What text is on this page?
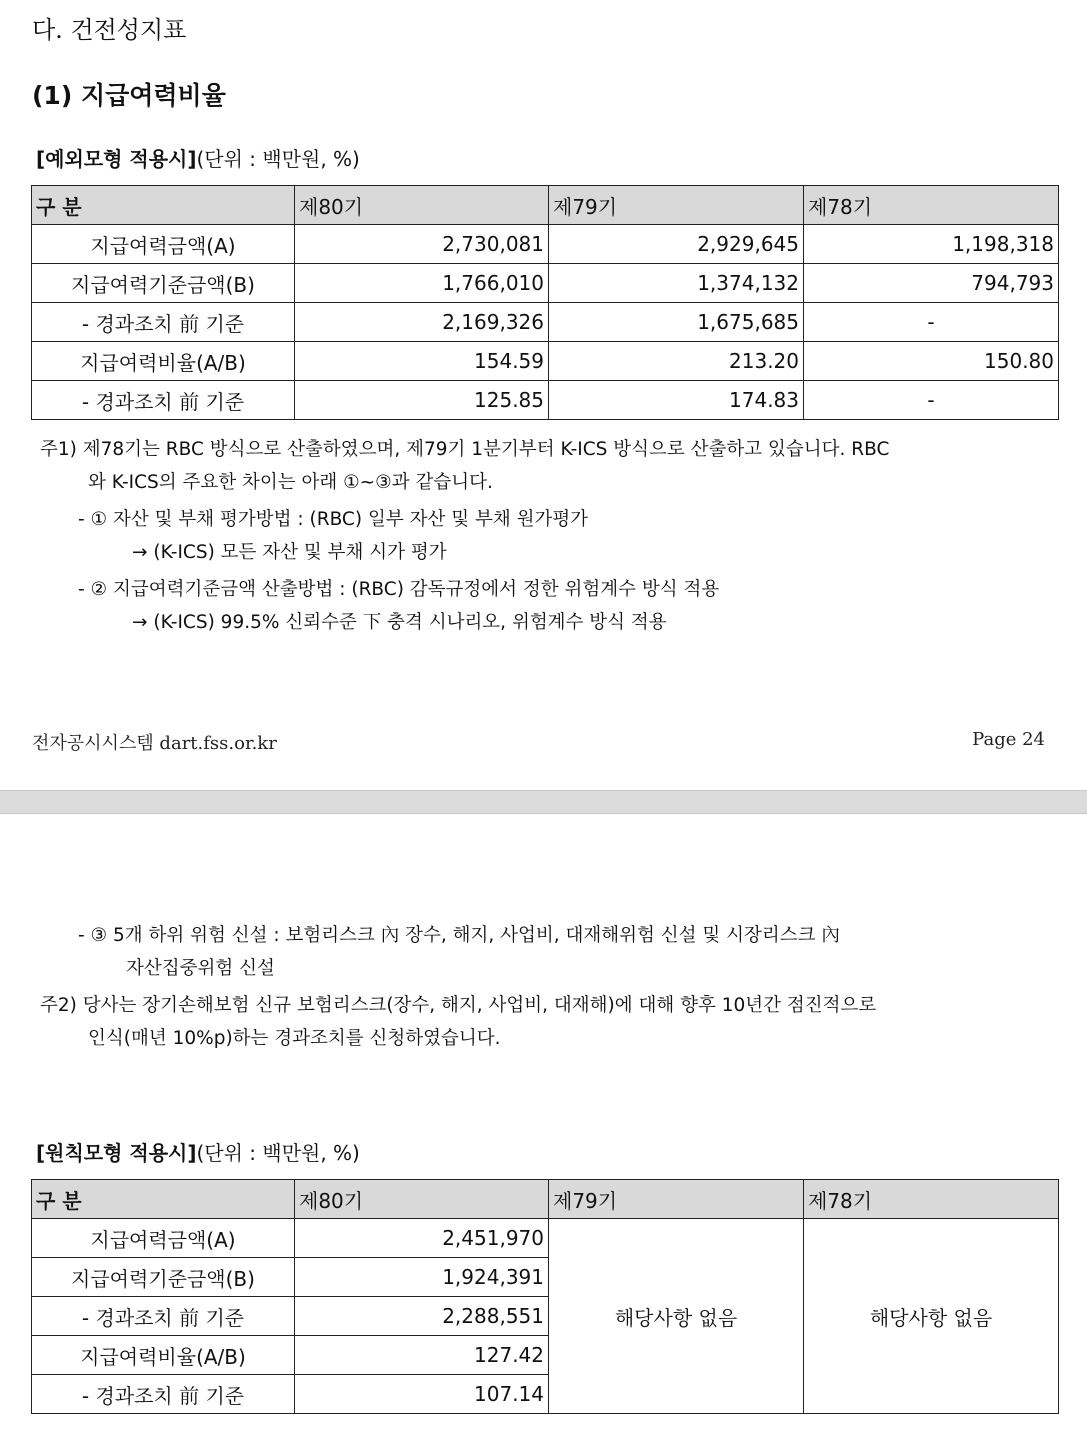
다. 건전성지표
(1) 지급여력비율
[예외모형 적용시](단위 : 백만원, %)
구 분	제80기	제79기	제78기
지급여력금액(A)	2,730,081	2,929,645	1,198,318
지급여력기준금액(B)	1,766,010	1,374,132	794,793
- 경과조치 前 기준	2,169,326	1,675,685	-
지급여력비율(A/B)	154.59	213.20	150.80
- 경과조치 前 기준	125.85	174.83	-
주1) 제78기는 RBC 방식으로 산출하였으며, 제79기 1분기부터 K-ICS 방식으로 산출하고 있습니다. RBC
와 K-ICS의 주요한 차이는 아래 ①~③과 같습니다.
- ① 자산 및 부채 평가방법 : (RBC) 일부 자산 및 부채 원가평가
→ (K-ICS) 모든 자산 및 부채 시가 평가
- ② 지급여력기준금액 산출방법 : (RBC) 감독규정에서 정한 위험계수 방식 적용
→ (K-ICS) 99.5% 신뢰수준 下 충격 시나리오, 위험계수 방식 적용
전자공시시스템 dart.fss.or.kr	Page 24
- ③ 5개 하위 위험 신설 : 보험리스크 內 장수, 해지, 사업비, 대재해위험 신설 및 시장리스크 內
자산집중위험 신설
주2) 당사는 장기손해보험 신규 보험리스크(장수, 해지, 사업비, 대재해)에 대해 향후 10년간 점진적으로
인식(매년 10%p)하는 경과조치를 신청하였습니다.
[원칙모형 적용시](단위 : 백만원, %)
구 분	제80기	제79기	제78기
지급여력금액(A)	2,451,970	해당사항 없음	해당사항 없음
지급여력기준금액(B)	1,924,391		
- 경과조치 前 기준	2,288,551		
지급여력비율(A/B)	127.42		
- 경과조치 前 기준	107.14		
